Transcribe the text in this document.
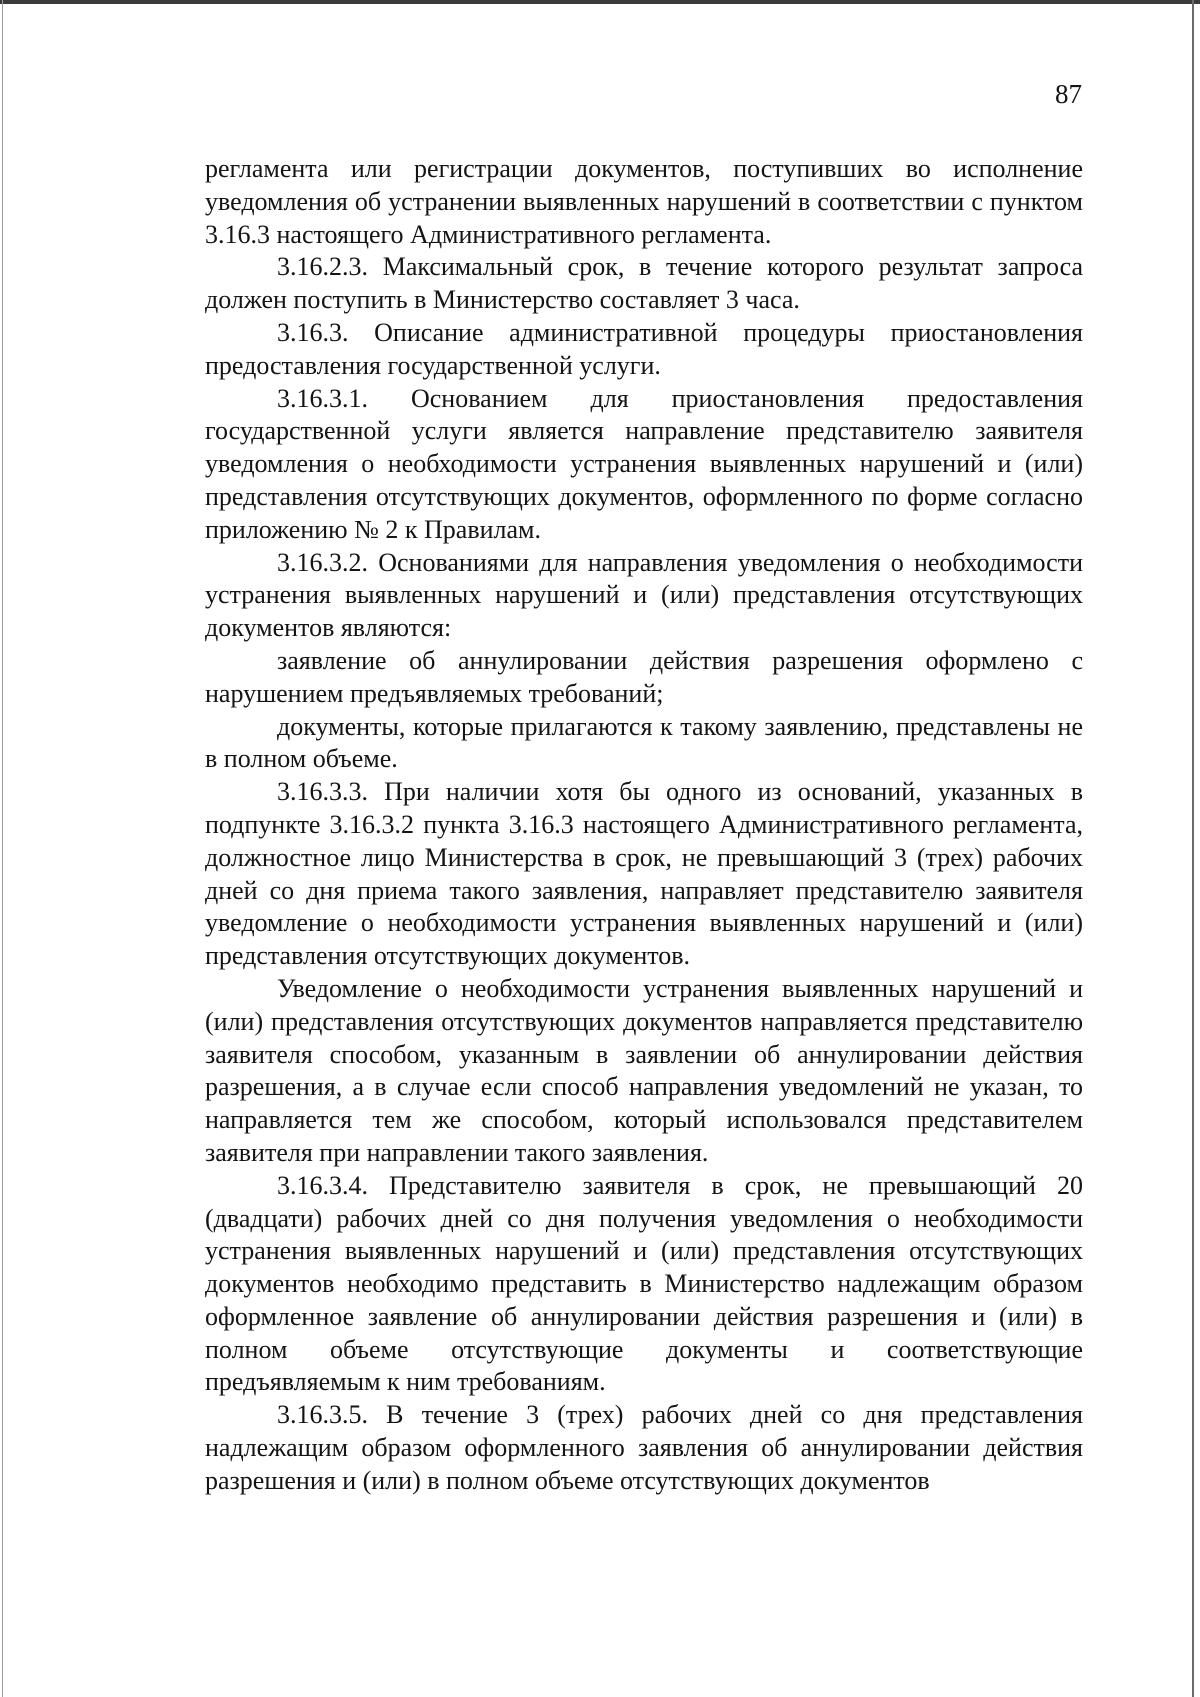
87

регламента или регистрации документов, поступивших во исполнение уведомления об устранении выявленных нарушений в соответствии с пунктом 3.16.3 настоящего Административного регламента.

3.16.2.3. Максимальный срок, в течение которого результат запроса должен поступить в Министерство составляет 3 часа.

3.16.3. Описание административной процедуры приостановления предоставления государственной услуги.

3.16.3.1. Основанием для приостановления предоставления государственной услуги является направление представителю заявителя уведомления о необходимости устранения выявленных нарушений и (или) представления отсутствующих документов, оформленного по форме согласно приложению № 2 к Правилам.

3.16.3.2. Основаниями для направления уведомления о необходимости устранения выявленных нарушений и (или) представления отсутствующих документов являются:

заявление об аннулировании действия разрешения оформлено с нарушением предъявляемых требований;

документы, которые прилагаются к такому заявлению, представлены не в полном объеме.

3.16.3.3. При наличии хотя бы одного из оснований, указанных в подпункте 3.16.3.2 пункта 3.16.3 настоящего Административного регламента, должностное лицо Министерства в срок, не превышающий 3 (трех) рабочих дней со дня приема такого заявления, направляет представителю заявителя уведомление о необходимости устранения выявленных нарушений и (или) представления отсутствующих документов.

Уведомление о необходимости устранения выявленных нарушений и (или) представления отсутствующих документов направляется представителю заявителя способом, указанным в заявлении об аннулировании действия разрешения, а в случае если способ направления уведомлений не указан, то направляется тем же способом, который использовался представителем заявителя при направлении такого заявления.

3.16.3.4. Представителю заявителя в срок, не превышающий 20 (двадцати) рабочих дней со дня получения уведомления о необходимости устранения выявленных нарушений и (или) представления отсутствующих документов необходимо представить в Министерство надлежащим образом оформленное заявление об аннулировании действия разрешения и (или) в полном объеме отсутствующие документы и соответствующие предъявляемым к ним требованиям.

3.16.3.5. В течение 3 (трех) рабочих дней со дня представления надлежащим образом оформленного заявления об аннулировании действия разрешения и (или) в полном объеме отсутствующих документов
